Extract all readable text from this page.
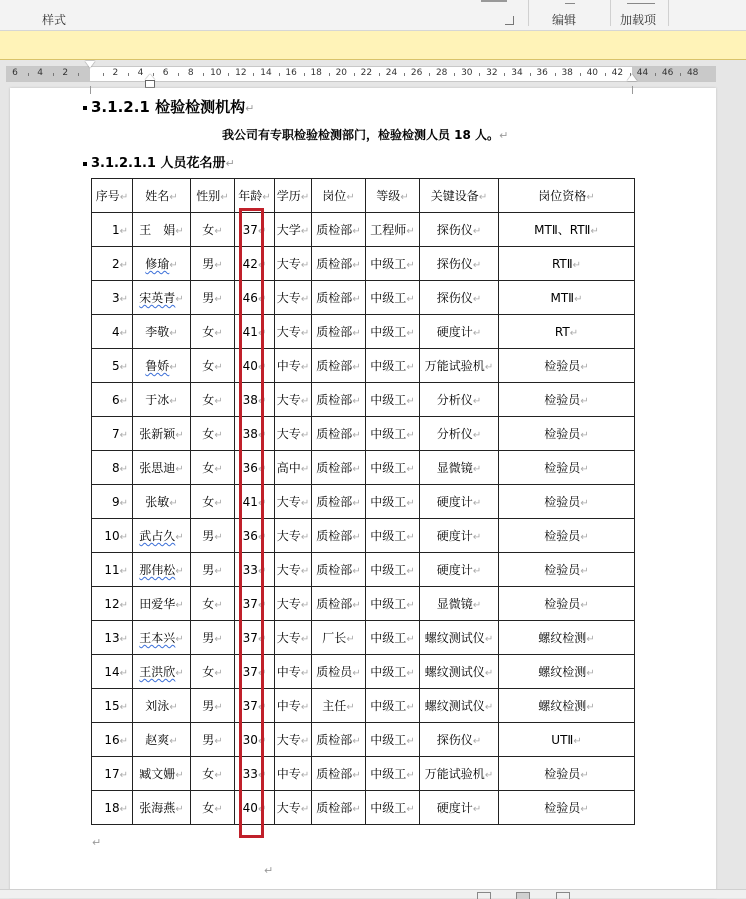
样式	编辑	加载项
6	4	2	2	4	6	8	10	12	14	16	18	20	22	24	26	28	30	32	34	36	38	40	42	44	46	48
3.1.2.1 检验检测机构↵
我公司有专职检验检测部门，检验检测人员 18 人。↵
3.1.2.1.1 人员花名册↵
序号↵	姓名↵	性别↵	年龄↵	学历↵	岗位↵	等级↵	关键设备↵	岗位资格↵
1↵	王　娟↵	女↵	37↵	大学↵	质检部↵	工程师↵	探伤仪↵	MTⅡ、RTⅡ↵
2↵	修瑜↵	男↵	42↵	大专↵	质检部↵	中级工↵	探伤仪↵	RTⅡ↵
3↵	宋英青↵	男↵	46↵	大专↵	质检部↵	中级工↵	探伤仪↵	MTⅡ↵
4↵	李敬↵	女↵	41↵	大专↵	质检部↵	中级工↵	硬度计↵	RT↵
5↵	鲁娇↵	女↵	40↵	中专↵	质检部↵	中级工↵	万能试验机↵	检验员↵
6↵	于冰↵	女↵	38↵	大专↵	质检部↵	中级工↵	分析仪↵	检验员↵
7↵	张新颖↵	女↵	38↵	大专↵	质检部↵	中级工↵	分析仪↵	检验员↵
8↵	张思迪↵	女↵	36↵	高中↵	质检部↵	中级工↵	显微镜↵	检验员↵
9↵	张敏↵	女↵	41↵	大专↵	质检部↵	中级工↵	硬度计↵	检验员↵
10↵	武占久↵	男↵	36↵	大专↵	质检部↵	中级工↵	硬度计↵	检验员↵
11↵	那伟松↵	男↵	33↵	大专↵	质检部↵	中级工↵	硬度计↵	检验员↵
12↵	田爱华↵	女↵	37↵	大专↵	质检部↵	中级工↵	显微镜↵	检验员↵
13↵	王本兴↵	男↵	37↵	大专↵	厂长↵	中级工↵	螺纹测试仪↵	螺纹检测↵
14↵	王洪欣↵	女↵	37↵	中专↵	质检员↵	中级工↵	螺纹测试仪↵	螺纹检测↵
15↵	刘泳↵	男↵	37↵	中专↵	主任↵	中级工↵	螺纹测试仪↵	螺纹检测↵
16↵	赵爽↵	男↵	30↵	大专↵	质检部↵	中级工↵	探伤仪↵	UTⅡ↵
17↵	臧文姗↵	女↵	33↵	中专↵	质检部↵	中级工↵	万能试验机↵	检验员↵
18↵	张海燕↵	女↵	40↵	大专↵	质检部↵	中级工↵	硬度计↵	检验员↵
↵
↵
